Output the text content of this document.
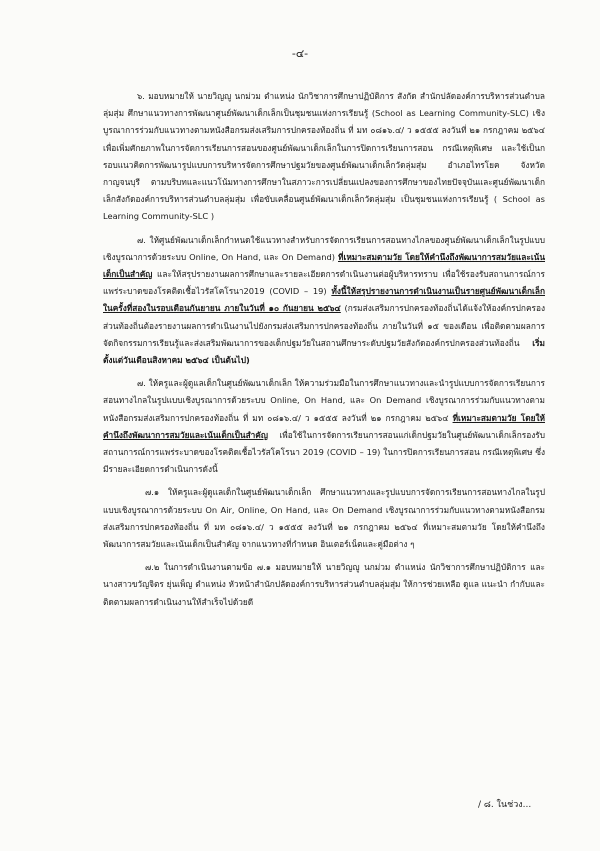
-๔-

๖. มอบหมายให้ นายวิญญู นกม่วม ตำแหน่ง นักวิชาการศึกษาปฏิบัติการ สังกัด สำนักปลัดองค์การบริหารส่วนตำบลลุ่มสุ่ม ศึกษาแนวทางการพัฒนาศูนย์พัฒนาเด็กเล็กเป็นชุมชนแห่งการเรียนรู้ (School as Learning Community-SLC) เชิงบูรณาการร่วมกับแนวทางตามหนังสือกรมส่งเสริมการปกครองท้องถิ่น ที่ มท ๐๘๑๖.๔/ ว ๑๕๕๕ ลงวันที่ ๒๑ กรกฎาคม ๒๕๖๔ เพื่อเพิ่มศักยภาพในการจัดการเรียนการสอนของศูนย์พัฒนาเด็กเล็กในการปิดการเรียนการสอน กรณีเหตุพิเศษ และใช้เป็นกรอบแนวคิดการพัฒนารูปแบบการบริหารจัดการศึกษาปฐมวัยของศูนย์พัฒนาเด็กเล็กวัดลุ่มสุ่ม อำเภอไทรโยค จังหวัดกาญจนบุรี ตามบริบทและแนวโน้มทางการศึกษาในสภาวะการเปลี่ยนแปลงของการศึกษาของไทยปัจจุบันและศูนย์พัฒนาเด็กเล็กสังกัดองค์การบริหารส่วนตำบลลุ่มสุ่ม เพื่อขับเคลื่อนศูนย์พัฒนาเด็กเล็กวัดลุ่มสุ่ม เป็นชุมชนแห่งการเรียนรู้ ( School as Learning Community-SLC )

๗. ให้ศูนย์พัฒนาเด็กเล็กกำหนดใช้แนวทางสำหรับการจัดการเรียนการสอนทางไกลของศูนย์พัฒนาเด็กเล็กในรูปแบบเชิงบูรณาการด้วยระบบ Online, On Hand, และ On Demand) ที่เหมาะสมตามวัย โดยให้คำนึงถึงพัฒนาการสมวัยและเน้นเด็กเป็นสำคัญ และให้สรุปรายงานผลการศึกษาและรายละเอียดการดำเนินงานต่อผู้บริหารทราบ เพื่อใช้รองรับสถานการณ์การแพร่ระบาดของโรคติดเชื้อไวรัสโคโรนา2019 (COVID – 19) ทั้งนี้ให้สรุปรายงานการดำเนินงานเป็นรายศูนย์พัฒนาเด็กเล็ก ในครั้งที่สองในรอบเดือนกันยายน ภายในวันที่ ๑๐ กันยายน ๒๕๖๔ (กรมส่งเสริมการปกครองท้องถิ่นได้แจ้งให้องค์กรปกครองส่วนท้องถิ่นต้องรายงานผลการดำเนินงานไปยังกรมส่งเสริมการปกครองท้องถิ่น ภายในวันที่ ๑๕ ของเดือน เพื่อติดตามผลการจัดกิจกรรมการเรียนรู้และส่งเสริมพัฒนาการของเด็กปฐมวัยในสถานศึกษาระดับปฐมวัยสังกัดองค์กรปกครองส่วนท้องถิ่น เริ่มตั้งแต่วันเดือนสิงหาคม ๒๕๖๔ เป็นต้นไป)

๗. ให้ครูและผู้ดูแลเด็กในศูนย์พัฒนาเด็กเล็ก ให้ความร่วมมือในการศึกษาแนวทางและนำรูปแบบการจัดการเรียนการสอนทางไกลในรูปแบบเชิงบูรณาการด้วยระบบ Online, On Hand, และ On Demand เชิงบูรณาการร่วมกับแนวทางตามหนังสือกรมส่งเสริมการปกครองท้องถิ่น ที่ มท ๐๘๑๖.๔/ ว ๑๕๕๕ ลงวันที่ ๒๑ กรกฎาคม ๒๕๖๔ ที่เหมาะสมตามวัย โดยให้คำนึงถึงพัฒนาการสมวัยและเน้นเด็กเป็นสำคัญ เพื่อใช้ในการจัดการเรียนการสอนแก่เด็กปฐมวัยในศูนย์พัฒนาเด็กเล็กรองรับสถานการณ์การแพร่ระบาดของโรคติดเชื้อไวรัสโคโรนา 2019 (COVID – 19) ในการปิดการเรียนการสอน กรณีเหตุพิเศษ ซึ่งมีรายละเอียดการดำเนินการดังนี้

๗.๑ ให้ครูและผู้ดูแลเด็กในศูนย์พัฒนาเด็กเล็ก ศึกษาแนวทางและรูปแบบการจัดการเรียนการสอนทางไกลในรูปแบบเชิงบูรณาการด้วยระบบ On Air, Online, On Hand, และ On Demand เชิงบูรณาการร่วมกับแนวทางตามหนังสือกรมส่งเสริมการปกครองท้องถิ่น ที่ มท ๐๘๑๖.๔/ ว ๑๕๕๕ ลงวันที่ ๒๑ กรกฎาคม ๒๕๖๔ ที่เหมาะสมตามวัย โดยให้คำนึงถึงพัฒนาการสมวัยและเน้นเด็กเป็นสำคัญ จากแนวทางที่กำหนด อินเตอร์เน็ตและคู่มือต่าง ๆ

๗.๒ ในการดำเนินงานตามข้อ ๗.๑ มอบหมายให้ นายวิญญู นกม่วม ตำแหน่ง นักวิชาการศึกษาปฏิบัติการ และนางสาวขวัญจิตร ยุ่นเพ็ญ ตำแหน่ง หัวหน้าสำนักปลัดองค์การบริหารส่วนตำบลลุ่มสุ่ม ให้การช่วยเหลือ ดูแล แนะนำ กำกับและติดตามผลการดำเนินงานให้สำเร็จไปด้วยดี

/ ๘. ในช่วง...
